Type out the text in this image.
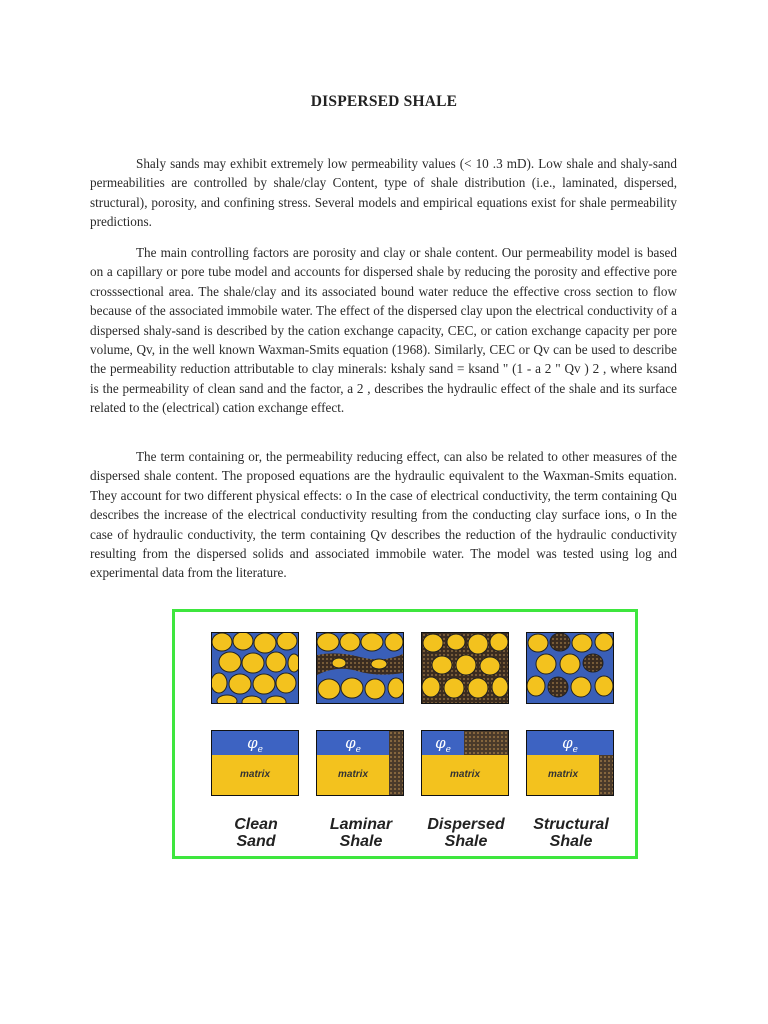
DISPERSED SHALE

Shaly sands may exhibit extremely low permeability values (< 10 .3 mD). Low shale and shaly-sand permeabilities are controlled by shale/clay Content, type of shale distribution (i.e., laminated, dispersed, structural), porosity, and confining stress. Several models and empirical equations exist for shale permeability predictions.

The main controlling factors are porosity and clay or shale content. Our permeability model is based on a capillary or pore tube model and accounts for dispersed shale by reducing the porosity and effective pore crosssectional area. The shale/clay and its associated bound water reduce the effective cross section to flow because of the associated immobile water. The effect of the dispersed clay upon the electrical conductivity of a dispersed shaly-sand is described by the cation exchange capacity, CEC, or cation exchange capacity per pore volume, Qv, in the well known Waxman-Smits equation (1968). Similarly, CEC or Qv can be used to describe the permeability reduction attributable to clay minerals: kshaly sand = ksand " (1 - a 2 " Qv ) 2 , where ksand is the permeability of clean sand and the factor, a 2 , describes the hydraulic effect of the shale and its surface related to the (electrical) cation exchange effect.

The term containing or, the permeability reducing effect, can also be related to other measures of the dispersed shale content. The proposed equations are the hydraulic equivalent to the Waxman-Smits equation. They account for two different physical effects: o In the case of electrical conductivity, the term containing Qu describes the increase of the electrical conductivity resulting from the conducting clay surface ions, o In the case of hydraulic conductivity, the term containing Qv describes the reduction of the hydraulic conductivity resulting from the dispersed solids and associated immobile water. The model was tested using log and experimental data from the literature.

$\varphi_e$
matrix
Clean
Sand
$\varphi_e$
matrix
Laminar
Shale
$\varphi_e$
matrix
Dispersed
Shale
$\varphi_e$
matrix
Structural
Shale
